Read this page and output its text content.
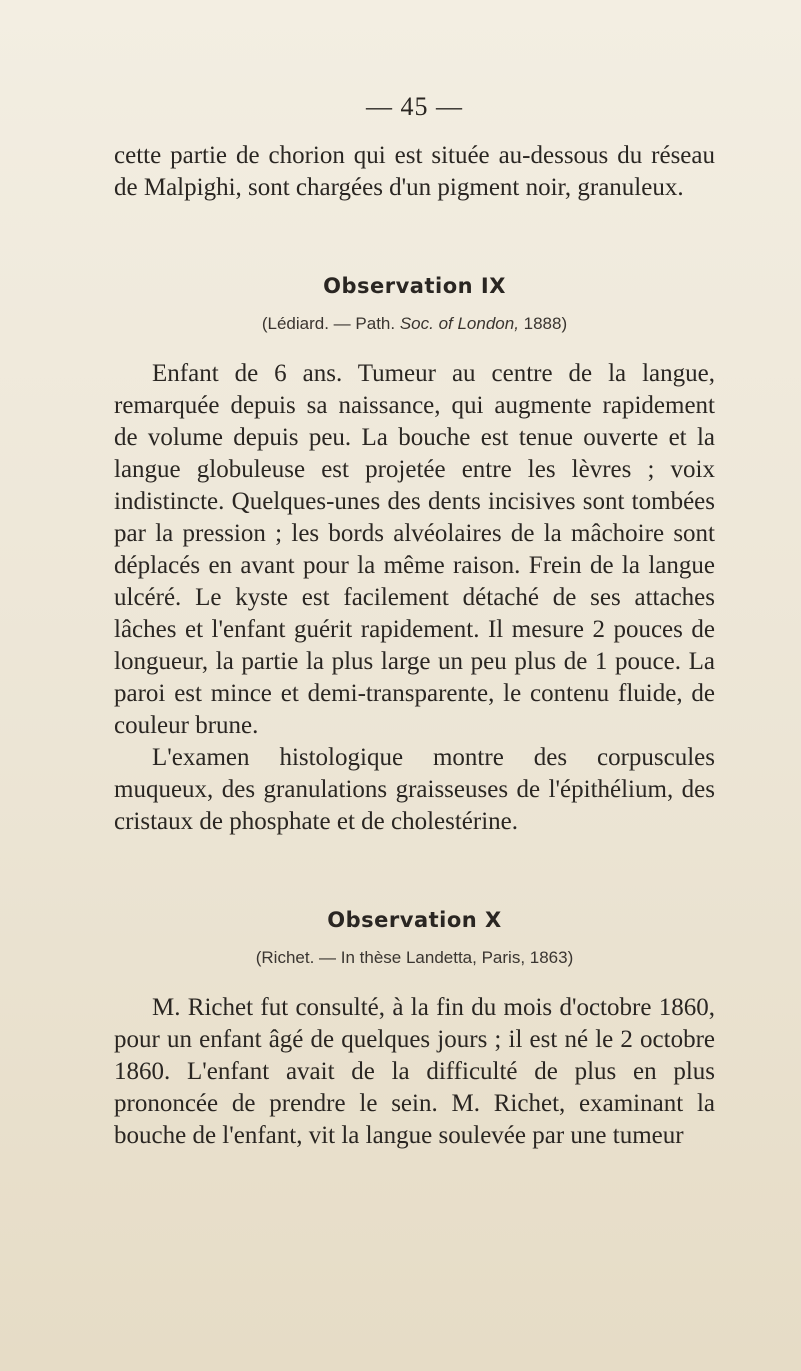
— 45 —

cette partie de chorion qui est située au-dessous du réseau de Malpighi, sont chargées d'un pigment noir, granuleux.

Observation IX
(Lédiard. — Path. Soc. of London, 1888)

Enfant de 6 ans. Tumeur au centre de la langue, remarquée depuis sa naissance, qui augmente rapidement de volume depuis peu. La bouche est tenue ouverte et la langue globuleuse est projetée entre les lèvres ; voix indistincte. Quelques-unes des dents incisives sont tombées par la pression ; les bords alvéolaires de la mâchoire sont déplacés en avant pour la même raison. Frein de la langue ulcéré. Le kyste est facilement détaché de ses attaches lâches et l'enfant guérit rapidement. Il mesure 2 pouces de longueur, la partie la plus large un peu plus de 1 pouce. La paroi est mince et demi-transparente, le contenu fluide, de couleur brune.

L'examen histologique montre des corpuscules muqueux, des granulations graisseuses de l'épithélium, des cristaux de phosphate et de cholestérine.

Observation X
(Richet. — In thèse Landetta, Paris, 1863)

M. Richet fut consulté, à la fin du mois d'octobre 1860, pour un enfant âgé de quelques jours ; il est né le 2 octobre 1860. L'enfant avait de la difficulté de plus en plus prononcée de prendre le sein. M. Richet, examinant la bouche de l'enfant, vit la langue soulevée par une tumeur
